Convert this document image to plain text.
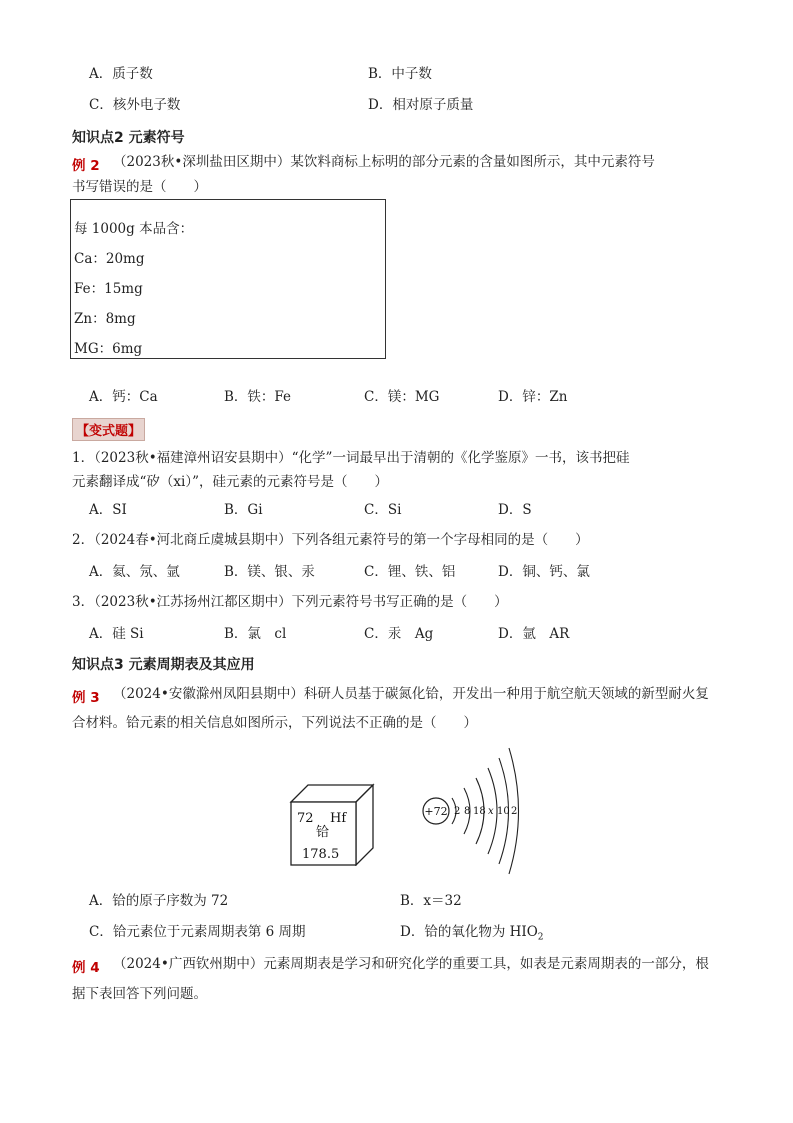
A．质子数	B．中子数
C．核外电子数	D．相对原子质量
知识点2 元素符号
例 2 （2023秋•深圳盐田区期中）某饮料商标上标明的部分元素的含量如图所示，其中元素符号
书写错误的是（　　）
每 1000g 本品含：
Ca：20mg
Fe：15mg
Zn：8mg
MG：6mg
A．钙：Ca	B．铁：Fe	C．镁：MG	D．锌：Zn
【变式题】
1．（2023秋•福建漳州诏安县期中）“化学”一词最早出于清朝的《化学鉴原》一书，该书把硅
元素翻译成“矽（xi）”，硅元素的元素符号是（　　）
A．SI	B．Gi	C．Si	D．S
2．（2024春•河北商丘虞城县期中）下列各组元素符号的第一个字母相同的是（　　）
A．氦、氖、氩	B．镁、银、汞	C．锂、铁、铝	D．铜、钙、氯
3．（2023秋•江苏扬州江都区期中）下列元素符号书写正确的是（　　）
A．硅 Si	B．氯　cl	C．汞　Ag	D．氩　AR
知识点3 元素周期表及其应用
例 3 （2024•安徽滁州凤阳县期中）科研人员基于碳氮化铪，开发出一种用于航空航天领域的新型耐火复
合材料。铪元素的相关信息如图所示，下列说法不正确的是（　　）
72 Hf
铪
178.5
+72 2 8 18 x 10 2
A．铪的原子序数为 72	B．x＝32
C．铪元素位于元素周期表第 6 周期	D．铪的氧化物为 $HIO_2$
例 4 （2024•广西钦州期中）元素周期表是学习和研究化学的重要工具，如表是元素周期表的一部分，根
据下表回答下列问题。
